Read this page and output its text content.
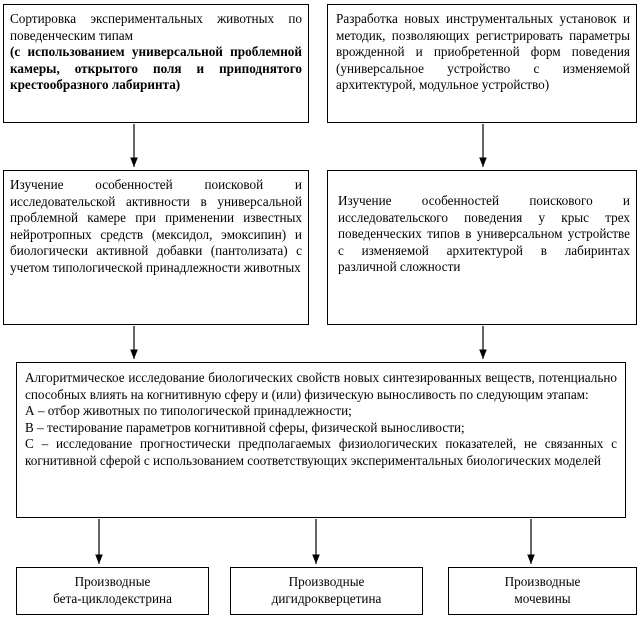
Сортировка экспериментальных животных по поведенческим типам

(с использованием универсальной проблемной камеры, открытого поля и приподнятого крестообразного лабиринта)

Разработка новых инструментальных установок и методик, позволяющих регистрировать параметры врожденной и приобретенной форм поведения (универсальное устройство с изменяемой архитектурой, модульное устройство)

Изучение особенностей поисковой и исследовательской активности в универсальной проблемной камере при применении известных нейротропных средств (мексидол, эмоксипин) и биологически активной добавки (пантолизата) с учетом типологической принадлежности животных

Изучение особенностей поискового и исследовательского поведения у крыс трех поведенческих типов в универсальном устройстве с изменяемой архитектурой в лабиринтах различной сложности

Алгоритмическое исследование биологических свойств новых синтезированных веществ, потенциально способных влиять на когнитивную сферу и (или) физическую выносливость по следующим этапам:

А – отбор животных по типологической принадлежности;

В – тестирование параметров когнитивной сферы, физической выносливости;

С – исследование прогностически предполагаемых физиологических показателей, не связанных с когнитивной сферой с использованием соответствующих экспериментальных биологических моделей

Производные

бета-циклодекстрина

Производные

дигидрокверцетина

Производные

мочевины
